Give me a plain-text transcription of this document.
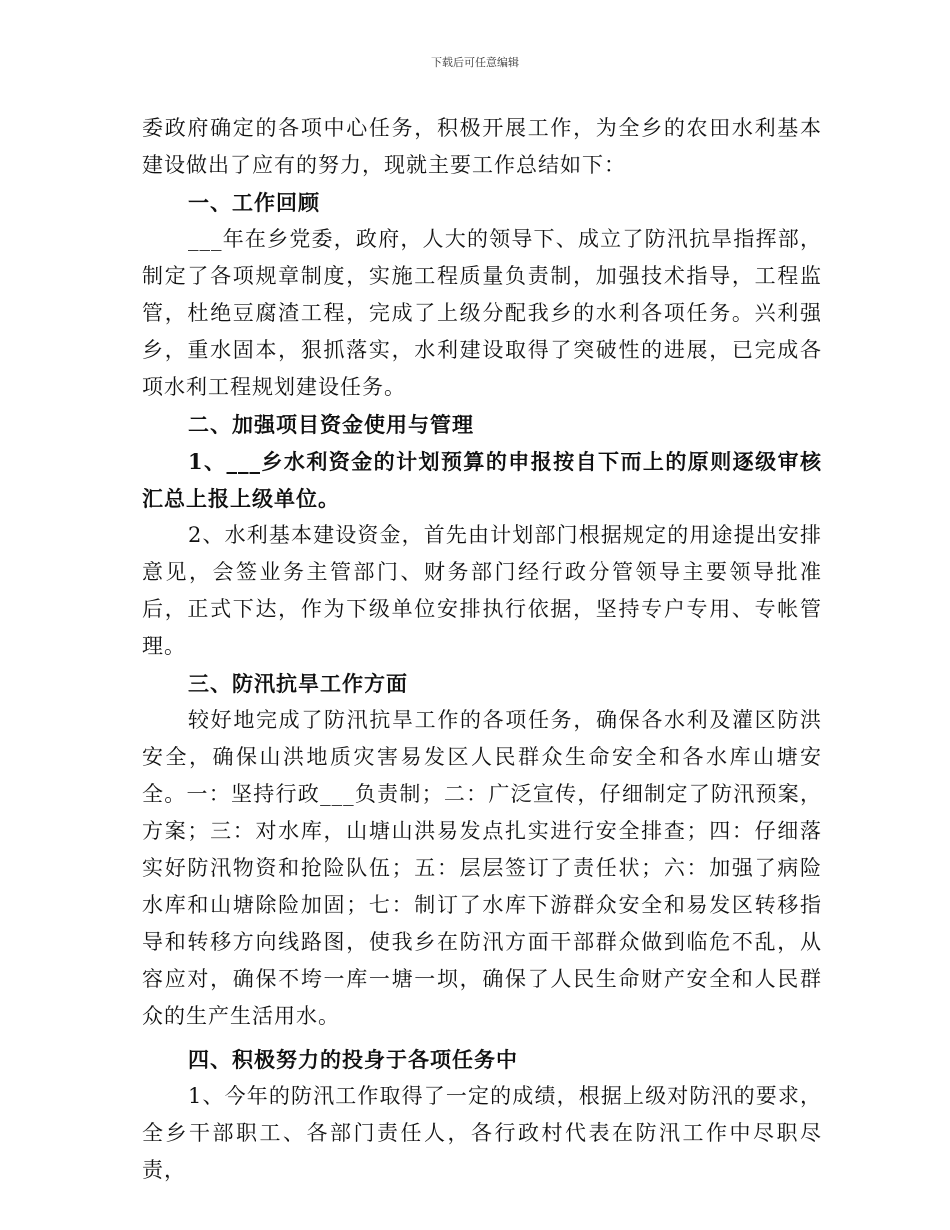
下载后可任意编辑

委政府确定的各项中心任务，积极开展工作，为全乡的农田水利基本建设做出了应有的努力，现就主要工作总结如下：

一、工作回顾

___年在乡党委，政府，人大的领导下、成立了防汛抗旱指挥部，制定了各项规章制度，实施工程质量负责制，加强技术指导，工程监管，杜绝豆腐渣工程，完成了上级分配我乡的水利各项任务。兴利强乡，重水固本，狠抓落实，水利建设取得了突破性的进展，已完成各项水利工程规划建设任务。

二、加强项目资金使用与管理

1、___乡水利资金的计划预算的申报按自下而上的原则逐级审核汇总上报上级单位。

2、水利基本建设资金，首先由计划部门根据规定的用途提出安排意见，会签业务主管部门、财务部门经行政分管领导主要领导批准后，正式下达，作为下级单位安排执行依据，坚持专户专用、专帐管理。

三、防汛抗旱工作方面

较好地完成了防汛抗旱工作的各项任务，确保各水利及灌区防洪安全，确保山洪地质灾害易发区人民群众生命安全和各水库山塘安全。一：坚持行政___负责制；二：广泛宣传，仔细制定了防汛预案，方案；三：对水库，山塘山洪易发点扎实进行安全排查；四：仔细落实好防汛物资和抢险队伍；五：层层签订了责任状；六：加强了病险水库和山塘除险加固；七：制订了水库下游群众安全和易发区转移指导和转移方向线路图，使我乡在防汛方面干部群众做到临危不乱，从容应对，确保不垮一库一塘一坝，确保了人民生命财产安全和人民群众的生产生活用水。

四、积极努力的投身于各项任务中

1、今年的防汛工作取得了一定的成绩，根据上级对防汛的要求，全乡干部职工、各部门责任人，各行政村代表在防汛工作中尽职尽责，
